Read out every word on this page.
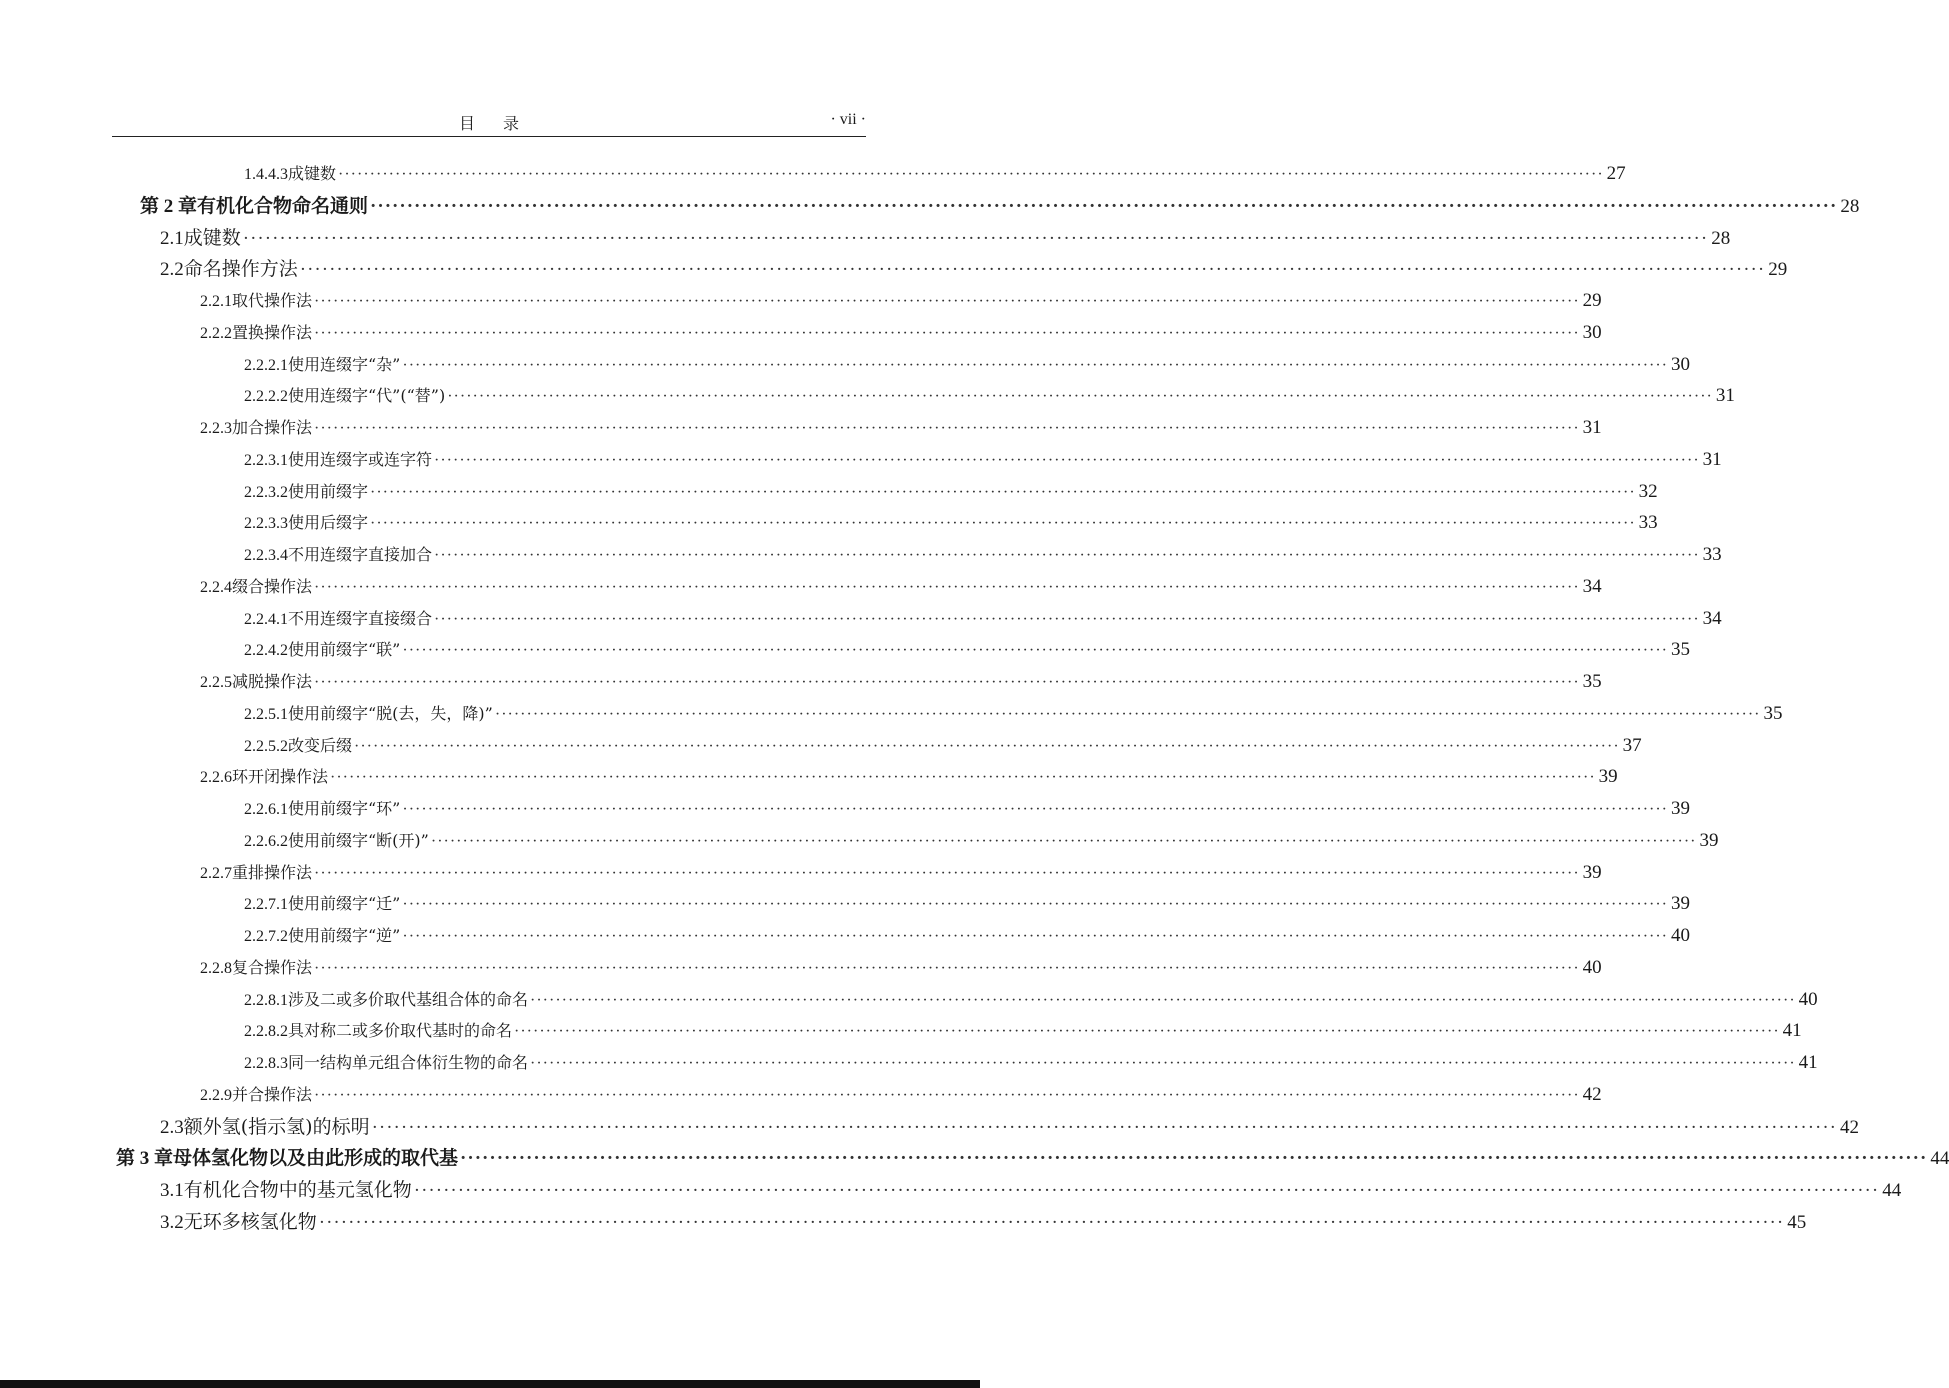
目录	· vii ·
1.4.4.3 成键数 ········································································································································································································ 27
第 2 章 有机化合物命名通则 ········································································································································································································ 28
2.1 成键数 ········································································································································································································ 28
2.2 命名操作方法 ········································································································································································································ 29
2.2.1 取代操作法 ········································································································································································································ 29
2.2.2 置换操作法 ········································································································································································································ 30
2.2.2.1 使用连缀字“杂” ········································································································································································································ 30
2.2.2.2 使用连缀字“代”(“替”) ········································································································································································································ 31
2.2.3 加合操作法 ········································································································································································································ 31
2.2.3.1 使用连缀字或连字符 ········································································································································································································ 31
2.2.3.2 使用前缀字 ········································································································································································································ 32
2.2.3.3 使用后缀字 ········································································································································································································ 33
2.2.3.4 不用连缀字直接加合 ········································································································································································································ 33
2.2.4 缀合操作法 ········································································································································································································ 34
2.2.4.1 不用连缀字直接缀合 ········································································································································································································ 34
2.2.4.2 使用前缀字“联” ········································································································································································································ 35
2.2.5 减脱操作法 ········································································································································································································ 35
2.2.5.1 使用前缀字“脱(去，失，降)” ········································································································································································································ 35
2.2.5.2 改变后缀 ········································································································································································································ 37
2.2.6 环开闭操作法 ········································································································································································································ 39
2.2.6.1 使用前缀字“环” ········································································································································································································ 39
2.2.6.2 使用前缀字“断(开)” ········································································································································································································ 39
2.2.7 重排操作法 ········································································································································································································ 39
2.2.7.1 使用前缀字“迁” ········································································································································································································ 39
2.2.7.2 使用前缀字“逆” ········································································································································································································ 40
2.2.8 复合操作法 ········································································································································································································ 40
2.2.8.1 涉及二或多价取代基组合体的命名 ········································································································································································································ 40
2.2.8.2 具对称二或多价取代基时的命名 ········································································································································································································ 41
2.2.8.3 同一结构单元组合体衍生物的命名 ········································································································································································································ 41
2.2.9 并合操作法 ········································································································································································································ 42
2.3 额外氢(指示氢)的标明 ········································································································································································································ 42
第 3 章 母体氢化物以及由此形成的取代基 ········································································································································································································ 44
3.1 有机化合物中的基元氢化物 ········································································································································································································ 44
3.2 无环多核氢化物 ········································································································································································································ 45
